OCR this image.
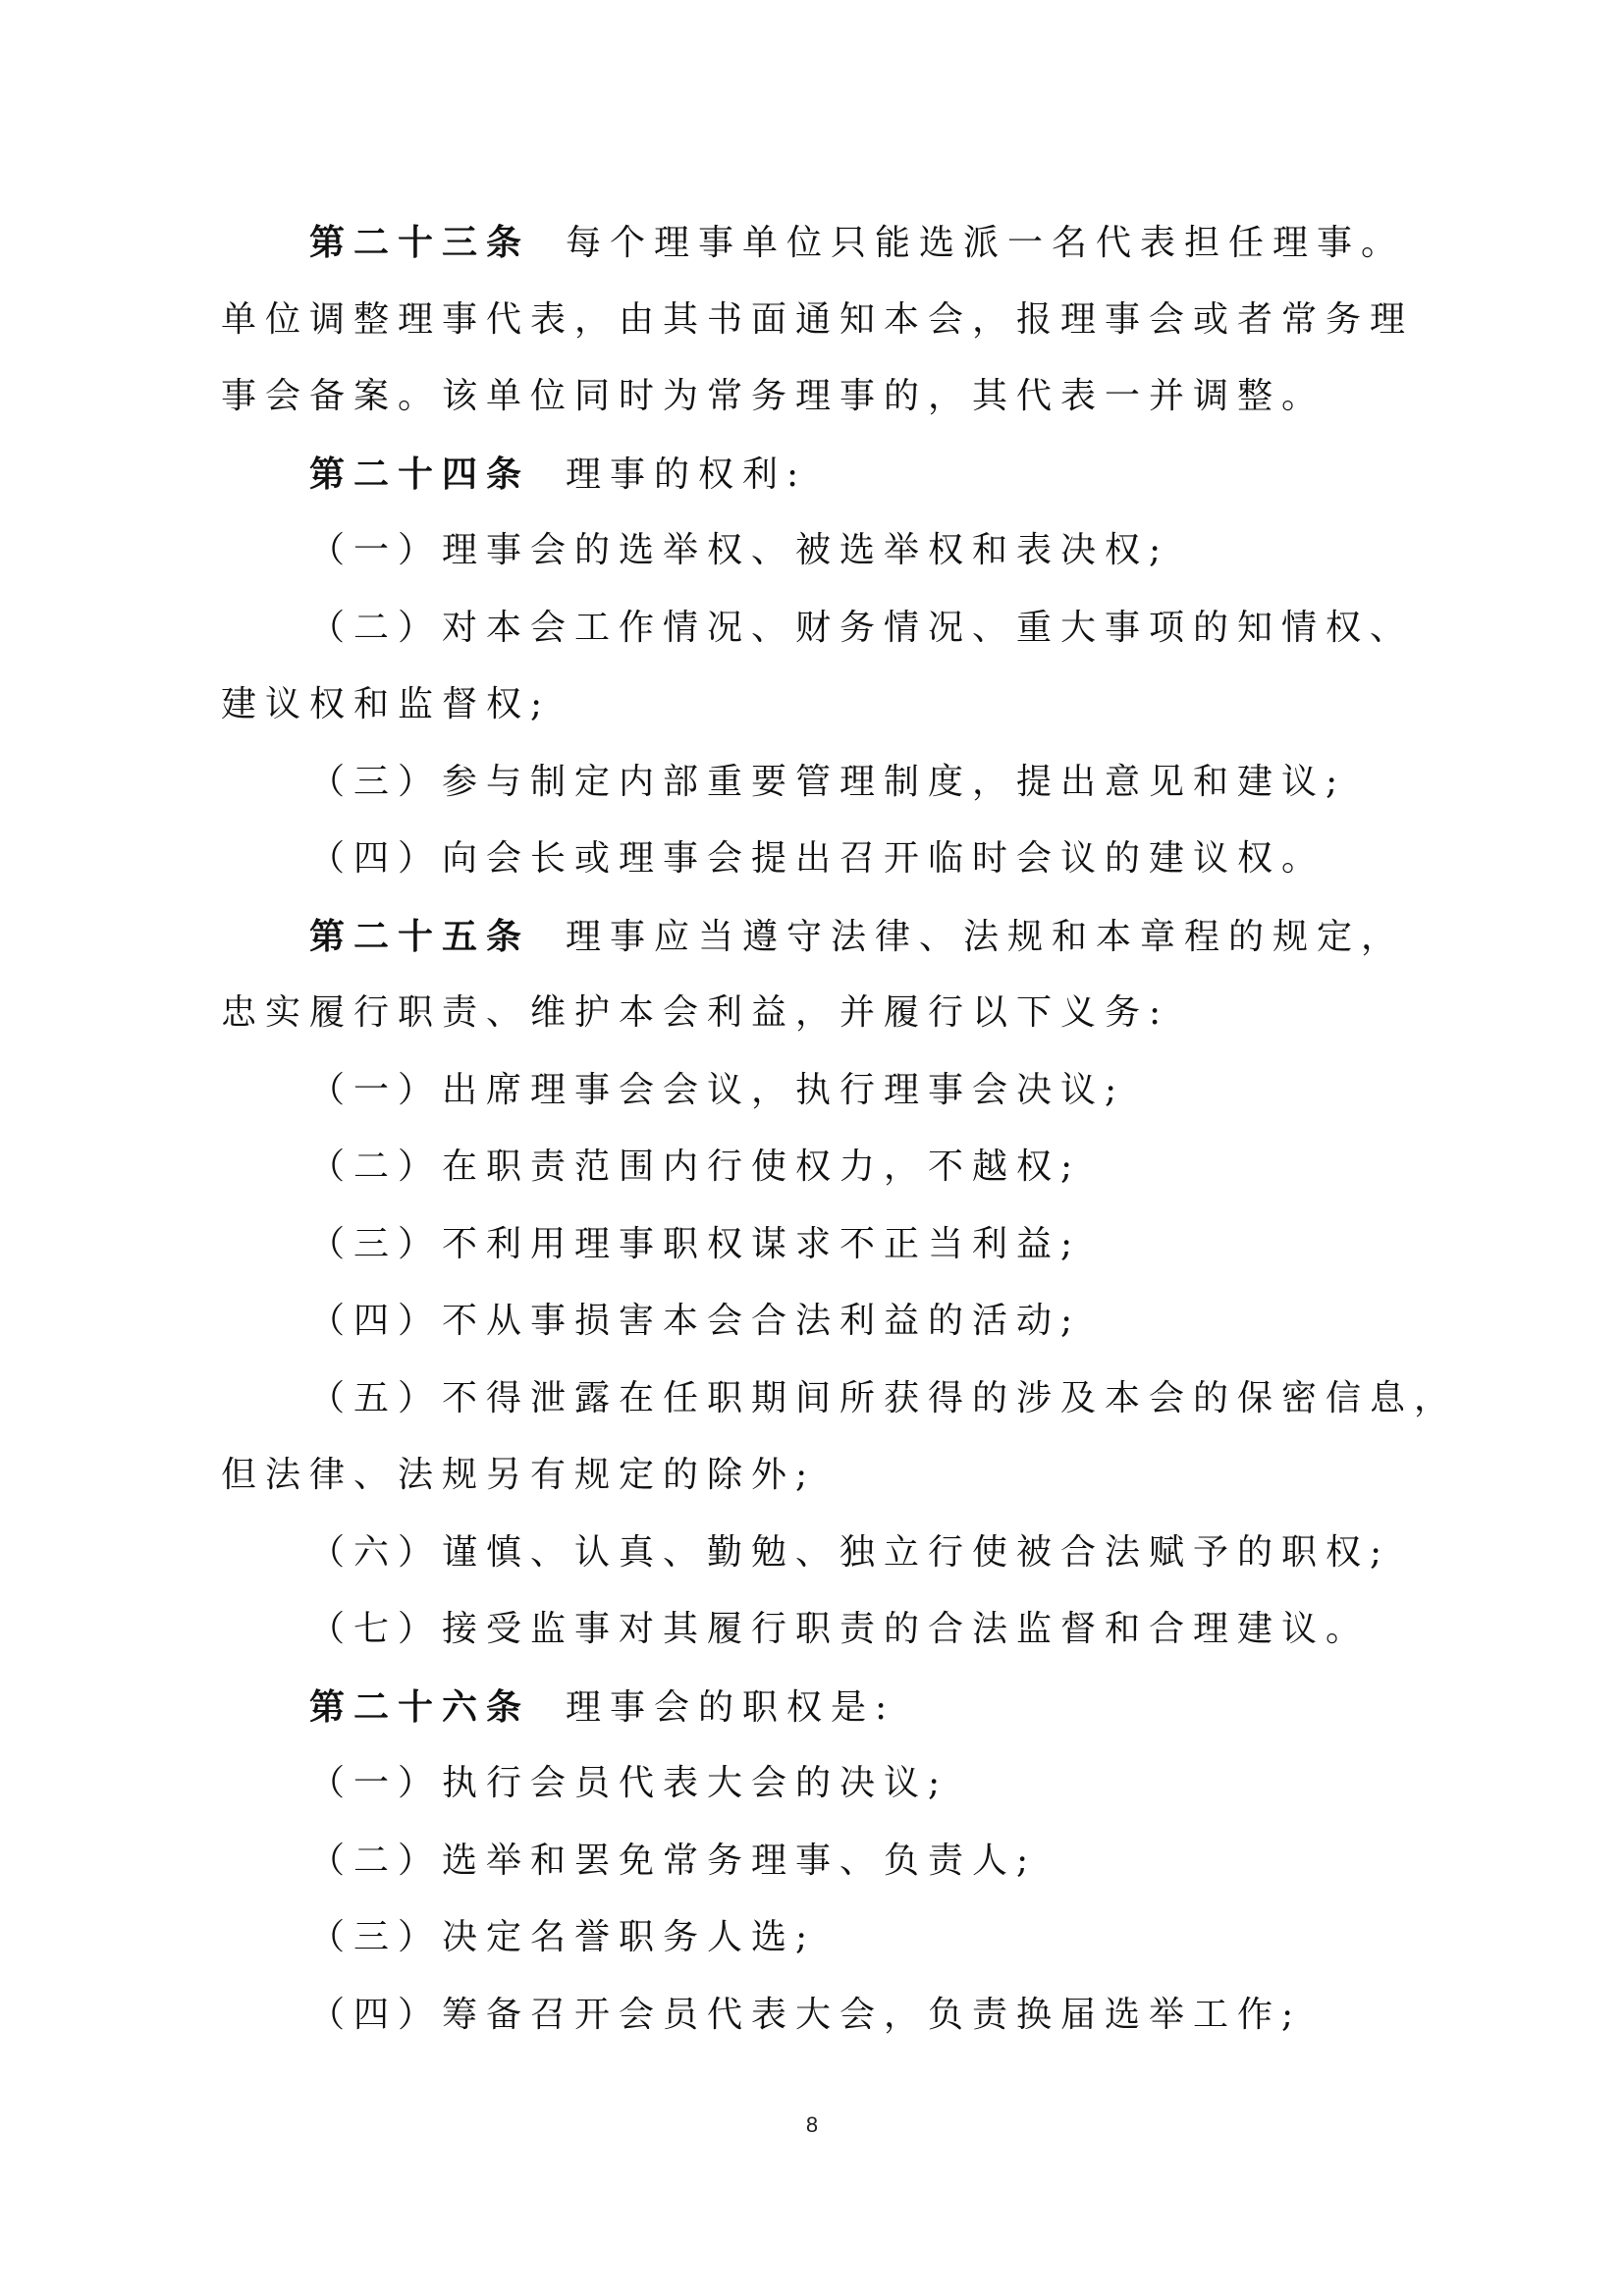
第二十三条 每个理事单位只能选派一名代表担任理事。
单位调整理事代表，由其书面通知本会，报理事会或者常务理
事会备案。该单位同时为常务理事的，其代表一并调整。
第二十四条 理事的权利:
（一）理事会的选举权、被选举权和表决权;
（二）对本会工作情况、财务情况、重大事项的知情权、
建议权和监督权;
（三）参与制定内部重要管理制度，提出意见和建议;
（四）向会长或理事会提出召开临时会议的建议权。
第二十五条 理事应当遵守法律、法规和本章程的规定，
忠实履行职责、维护本会利益，并履行以下义务:
（一）出席理事会会议，执行理事会决议;
（二）在职责范围内行使权力，不越权;
（三）不利用理事职权谋求不正当利益;
（四）不从事损害本会合法利益的活动;
（五）不得泄露在任职期间所获得的涉及本会的保密信息，
但法律、法规另有规定的除外;
（六）谨慎、认真、勤勉、独立行使被合法赋予的职权;
（七）接受监事对其履行职责的合法监督和合理建议。
第二十六条 理事会的职权是:
（一）执行会员代表大会的决议;
（二）选举和罢免常务理事、负责人;
（三）决定名誉职务人选;
（四）筹备召开会员代表大会，负责换届选举工作;
8
